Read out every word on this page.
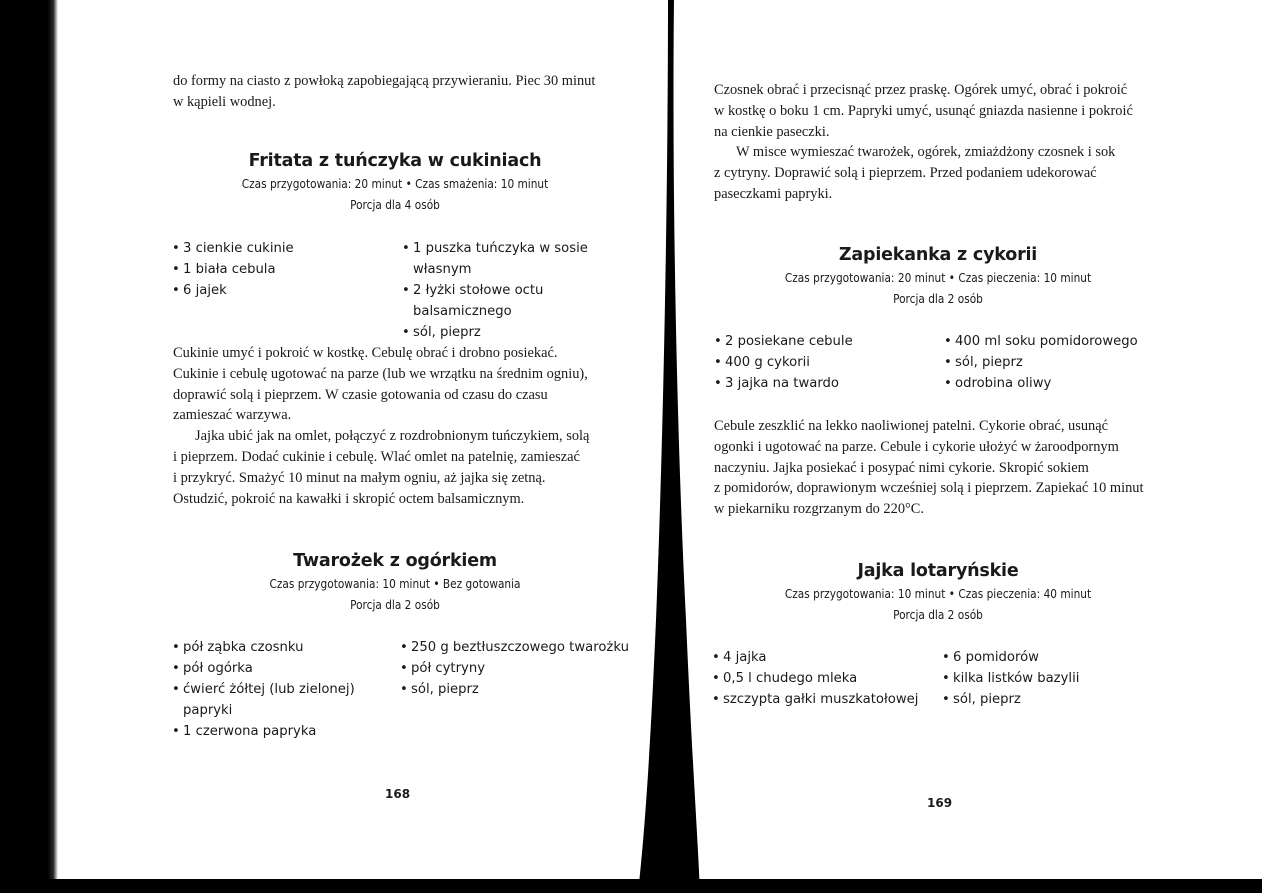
do formy na ciasto z powłoką zapobiegającą przywieraniu. Piec 30 minut
w kąpieli wodnej.
Fritata z tuńczyka w cukiniach
Czas przygotowania: 20 minut • Czas smażenia: 10 minut
Porcja dla 4 osób
• 3 cienkie cukinie
• 1 biała cebula
• 6 jajek
• 1 puszka tuńczyka w sosie
własnym
• 2 łyżki stołowe octu balsamicznego
• sól, pieprz
Cukinie umyć i pokroić w kostkę. Cebulę obrać i drobno posiekać.
Cukinie i cebulę ugotować na parze (lub we wrzątku na średnim ogniu),
doprawić solą i pieprzem. W czasie gotowania od czasu do czasu
zamieszać warzywa.
Jajka ubić jak na omlet, połączyć z rozdrobnionym tuńczykiem, solą
i pieprzem. Dodać cukinie i cebulę. Wlać omlet na patelnię, zamieszać
i przykryć. Smażyć 10 minut na małym ogniu, aż jajka się zetną.
Ostudzić, pokroić na kawałki i skropić octem balsamicznym.
Twarożek z ogórkiem
Czas przygotowania: 10 minut • Bez gotowania
Porcja dla 2 osób
• pół ząbka czosnku
• pół ogórka
• ćwierć żółtej (lub zielonej) papryki
• 1 czerwona papryka
• 250 g beztłuszczowego twarożku
• pół cytryny
• sól, pieprz
168
Czosnek obrać i przecisnąć przez praskę. Ogórek umyć, obrać i pokroić
w kostkę o boku 1 cm. Papryki umyć, usunąć gniazda nasienne i pokroić
na cienkie paseczki.
W misce wymieszać twarożek, ogórek, zmiażdżony czosnek i sok
z cytryny. Doprawić solą i pieprzem. Przed podaniem udekorować
paseczkami papryki.
Zapiekanka z cykorii
Czas przygotowania: 20 minut • Czas pieczenia: 10 minut
Porcja dla 2 osób
• 2 posiekane cebule
• 400 g cykorii
• 3 jajka na twardo
• 400 ml soku pomidorowego
• sól, pieprz
• odrobina oliwy
Cebule zeszklić na lekko naoliwionej patelni. Cykorie obrać, usunąć
ogonki i ugotować na parze. Cebule i cykorie ułożyć w żaroodpornym
naczyniu. Jajka posiekać i posypać nimi cykorie. Skropić sokiem
z pomidorów, doprawionym wcześniej solą i pieprzem. Zapiekać 10 minut
w piekarniku rozgrzanym do 220°C.
Jajka lotaryńskie
Czas przygotowania: 10 minut • Czas pieczenia: 40 minut
Porcja dla 2 osób
• 4 jajka
• 0,5 l chudego mleka
• szczypta gałki muszkatołowej
• 6 pomidorów
• kilka listków bazylii
• sól, pieprz
169
